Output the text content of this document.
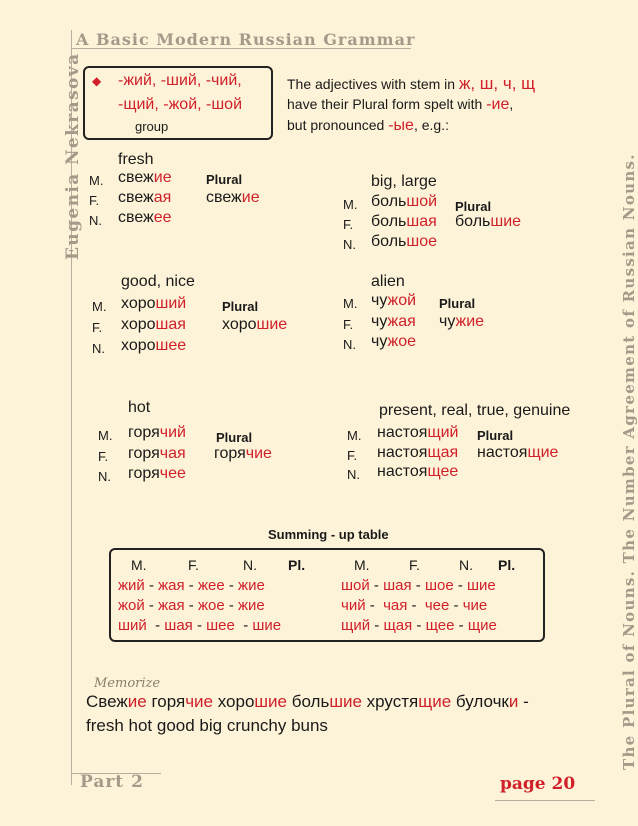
A Basic Modern Russian Grammar
Eugenia Nekrasova	The Plural of Nouns. The Number Agreement of Russian Nouns.
◆ -жий, -ший, -чий,
-щий, -жой, -шой
group
The adjectives with stem in ж, ш, ч, щ
have their Plural form spelt with -ие,
but pronounced -ые, e.g.:
fresh
M.
F.
N.
свежие
свежая
свежее
Plural
свежие
big, large
M.
F.
N.
большой
большая
большое
Plural
большие
good, nice
M.
F.
N.
хороший
хорошая
хорошее
Plural
хорошие
alien
M.
F.
N.
чужой
чужая
чужое
Plural
чужие
hot
M.
F.
N.
горячий
горячая
горячее
Plural
горячие
present, real, true, genuine
M.
F.
N.
настоящий
настоящая
настоящее
Plural
настоящие
Summing - up table
M.	F.	N. Pl.	M.	F.	N. Pl.
жий - жая - жее - жие	шой - шая - шое - шие
жой - жая - жое - жие	чий -  чая -  чее - чие
ший  - шая - шее  - шие	щий - щая - щее - щие
Memorize
Свежие горячие хорошие большие хрустящие булочки -
fresh hot good big crunchy buns
Part 2	page 20
